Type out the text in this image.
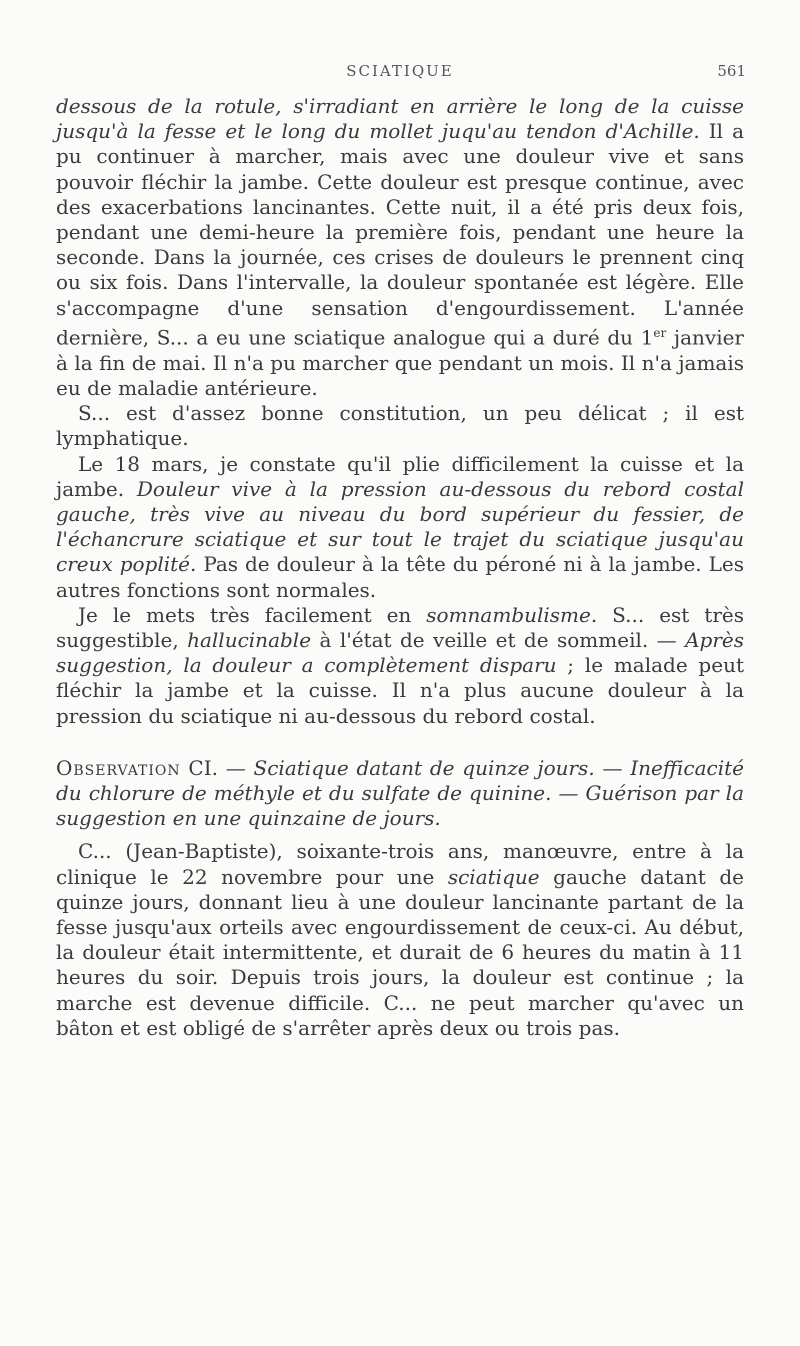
SCIATIQUE	561

dessous de la rotule, s'irradiant en arrière le long de la cuisse jusqu'à la fesse et le long du mollet juqu'au tendon d'Achille. Il a pu continuer à marcher, mais avec une douleur vive et sans pouvoir fléchir la jambe. Cette douleur est presque continue, avec des exacerbations lancinantes. Cette nuit, il a été pris deux fois, pendant une demi-heure la première fois, pendant une heure la seconde. Dans la journée, ces crises de douleurs le prennent cinq ou six fois. Dans l'intervalle, la douleur spontanée est légère. Elle s'accompagne d'une sensation d'engourdissement. L'année dernière, S... a eu une sciatique analogue qui a duré du 1er janvier à la fin de mai. Il n'a pu marcher que pendant un mois. Il n'a jamais eu de maladie antérieure.

S... est d'assez bonne constitution, un peu délicat ; il est lymphatique.

Le 18 mars, je constate qu'il plie difficilement la cuisse et la jambe. Douleur vive à la pression au-dessous du rebord costal gauche, très vive au niveau du bord supérieur du fessier, de l'échancrure sciatique et sur tout le trajet du sciatique jusqu'au creux poplité. Pas de douleur à la tête du péroné ni à la jambe. Les autres fonctions sont normales.

Je le mets très facilement en somnambulisme. S... est très suggestible, hallucinable à l'état de veille et de sommeil. — Après suggestion, la douleur a complètement disparu ; le malade peut fléchir la jambe et la cuisse. Il n'a plus aucune douleur à la pression du sciatique ni au-dessous du rebord costal.

Observation CI. — Sciatique datant de quinze jours. — Inefficacité du chlorure de méthyle et du sulfate de quinine. — Guérison par la suggestion en une quinzaine de jours.

C... (Jean-Baptiste), soixante-trois ans, manœuvre, entre à la clinique le 22 novembre pour une sciatique gauche datant de quinze jours, donnant lieu à une douleur lancinante partant de la fesse jusqu'aux orteils avec engourdissement de ceux-ci. Au début, la douleur était intermittente, et durait de 6 heures du matin à 11 heures du soir. Depuis trois jours, la douleur est continue ; la marche est devenue difficile. C... ne peut marcher qu'avec un bâton et est obligé de s'arrêter après deux ou trois pas.
